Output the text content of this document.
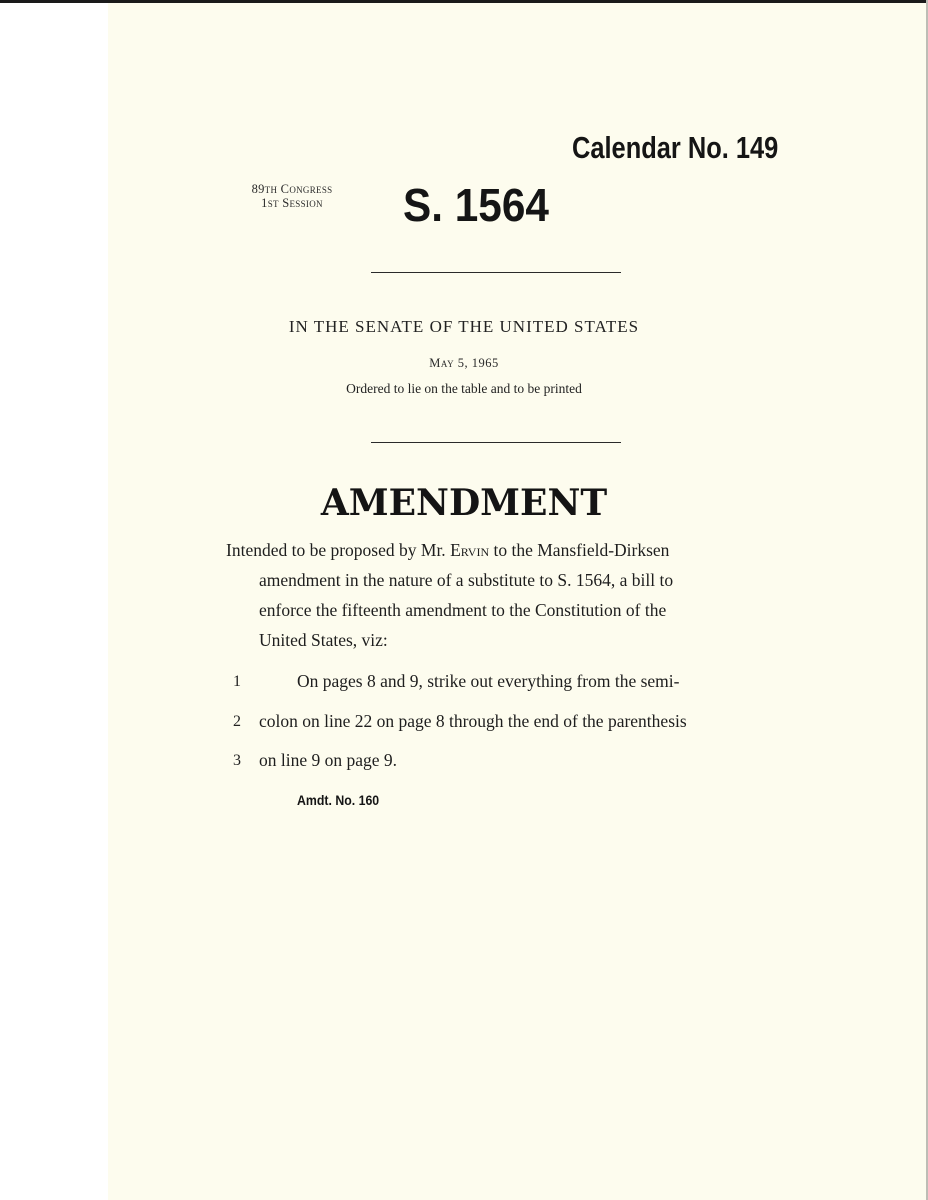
Calendar No. 149
89th Congress
1st Session	S. 1564
IN THE SENATE OF THE UNITED STATES
May 5, 1965
Ordered to lie on the table and to be printed
AMENDMENT
Intended to be proposed by Mr. Ervin to the Mansfield-Dirksen
amendment in the nature of a substitute to S. 1564, a bill to
enforce the fifteenth amendment to the Constitution of the
United States, viz:
1	On pages 8 and 9, strike out everything from the semi-
2 colon on line 22 on page 8 through the end of the parenthesis
3 on line 9 on page 9.
Amdt. No. 160
